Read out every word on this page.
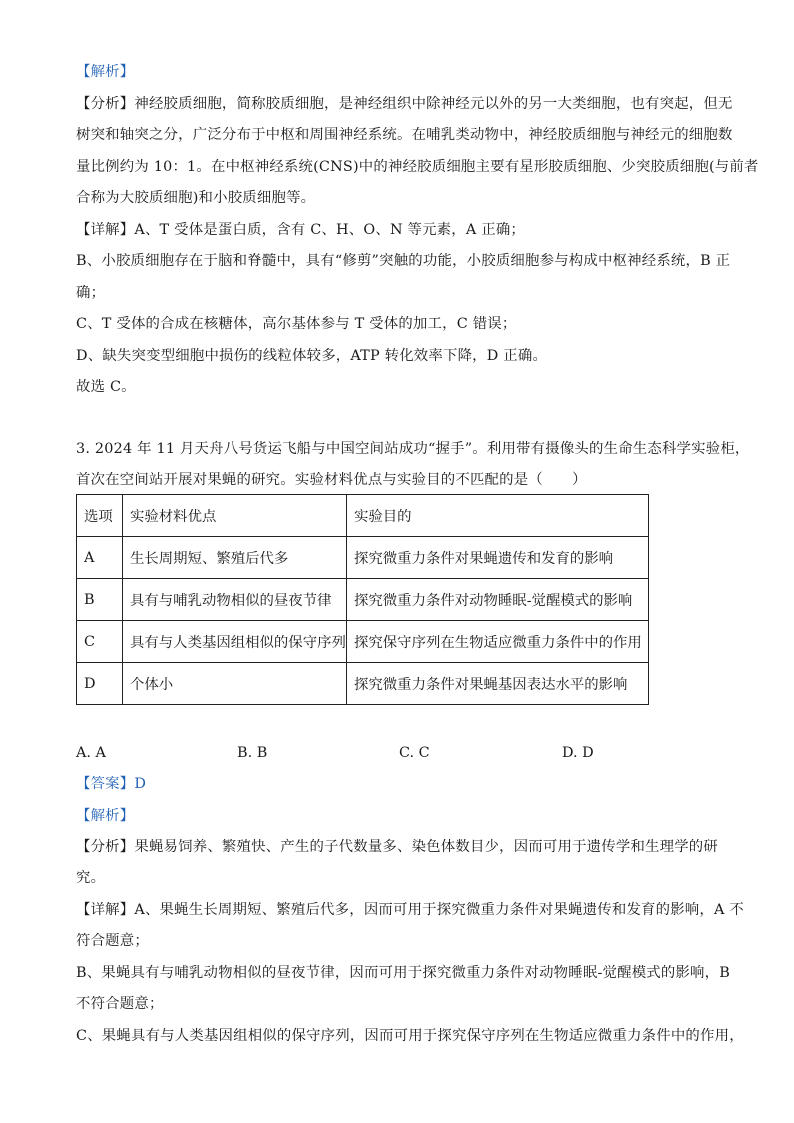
【解析】
【分析】神经胶质细胞，简称胶质细胞，是神经组织中除神经元以外的另一大类细胞，也有突起，但无
树突和轴突之分，广泛分布于中枢和周围神经系统。在哺乳类动物中，神经胶质细胞与神经元的细胞数
量比例约为 10：1。在中枢神经系统(CNS)中的神经胶质细胞主要有星形胶质细胞、少突胶质细胞(与前者
合称为大胶质细胞)和小胶质细胞等。
【详解】A、T 受体是蛋白质，含有 C、H、O、N 等元素，A 正确；
B、小胶质细胞存在于脑和脊髓中，具有“修剪”突触的功能，小胶质细胞参与构成中枢神经系统，B 正
确；
C、T 受体的合成在核糖体，高尔基体参与 T 受体的加工，C 错误；
D、缺失突变型细胞中损伤的线粒体较多，ATP 转化效率下降，D 正确。
故选 C。
3. 2024 年 11 月天舟八号货运飞船与中国空间站成功“握手”。利用带有摄像头的生命生态科学实验柜，
首次在空间站开展对果蝇的研究。实验材料优点与实验目的不匹配的是（　　）
选项	实验材料优点	实验目的
A	生长周期短、繁殖后代多	探究微重力条件对果蝇遗传和发育的影响
B	具有与哺乳动物相似的昼夜节律	探究微重力条件对动物睡眠-觉醒模式的影响
C	具有与人类基因组相似的保守序列	探究保守序列在生物适应微重力条件中的作用
D	个体小	探究微重力条件对果蝇基因表达水平的影响
A. A	B. B	C. C	D. D
【答案】D
【解析】
【分析】果蝇易饲养、繁殖快、产生的子代数量多、染色体数目少，因而可用于遗传学和生理学的研
究。
【详解】A、果蝇生长周期短、繁殖后代多，因而可用于探究微重力条件对果蝇遗传和发育的影响，A 不
符合题意；
B、果蝇具有与哺乳动物相似的昼夜节律，因而可用于探究微重力条件对动物睡眠-觉醒模式的影响，B
不符合题意；
C、果蝇具有与人类基因组相似的保守序列，因而可用于探究保守序列在生物适应微重力条件中的作用，
